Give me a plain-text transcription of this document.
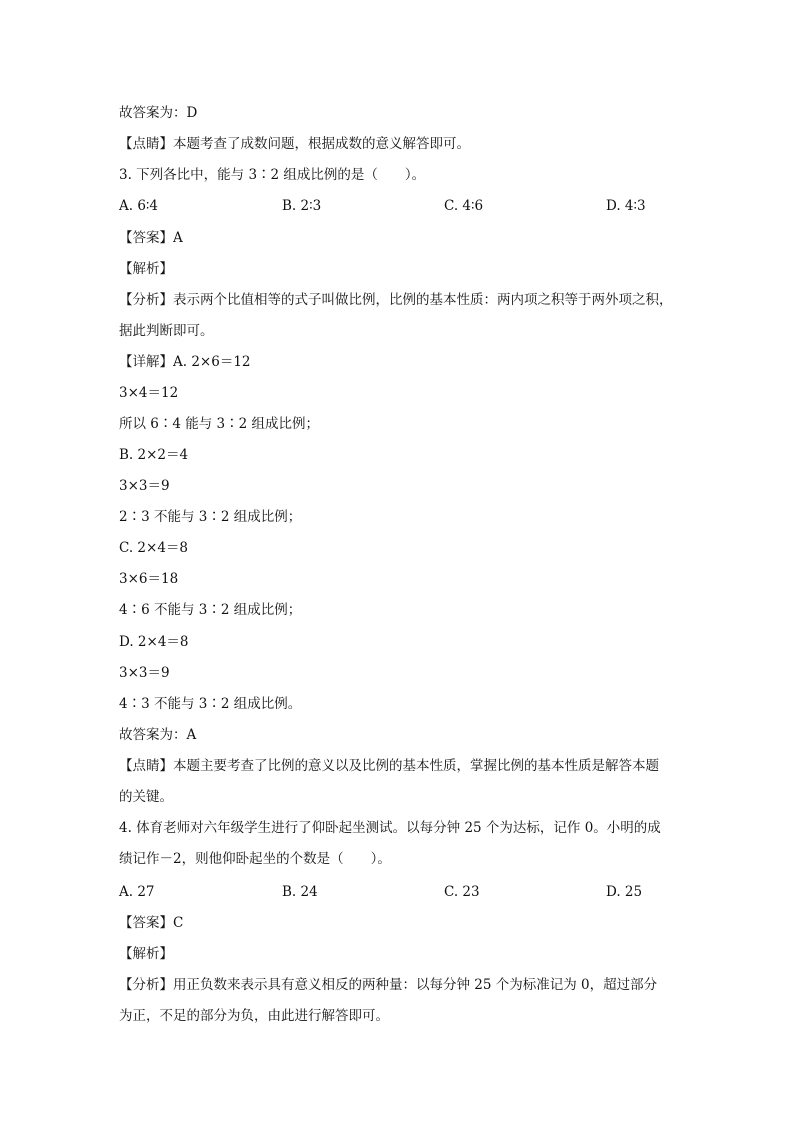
故答案为：D
【点睛】本题考查了成数问题，根据成数的意义解答即可。
3. 下列各比中，能与 3∶2 组成比例的是（　　）。
A. 6∶4	B. 2∶3	C. 4∶6	D. 4∶3
【答案】A
【解析】
【分析】表示两个比值相等的式子叫做比例，比例的基本性质：两内项之积等于两外项之积，
据此判断即可。
【详解】A. 2×6＝12
3×4＝12
所以 6∶4 能与 3∶2 组成比例；
B. 2×2＝4
3×3＝9
2∶3 不能与 3∶2 组成比例；
C. 2×4＝8
3×6＝18
4∶6 不能与 3∶2 组成比例；
D. 2×4＝8
3×3＝9
4∶3 不能与 3∶2 组成比例。
故答案为：A
【点睛】本题主要考查了比例的意义以及比例的基本性质，掌握比例的基本性质是解答本题
的关键。
4. 体育老师对六年级学生进行了仰卧起坐测试。以每分钟 25 个为达标，记作 0。小明的成
绩记作－2，则他仰卧起坐的个数是（　　）。
A. 27	B. 24	C. 23	D. 25
【答案】C
【解析】
【分析】用正负数来表示具有意义相反的两种量：以每分钟 25 个为标准记为 0，超过部分
为正，不足的部分为负，由此进行解答即可。
